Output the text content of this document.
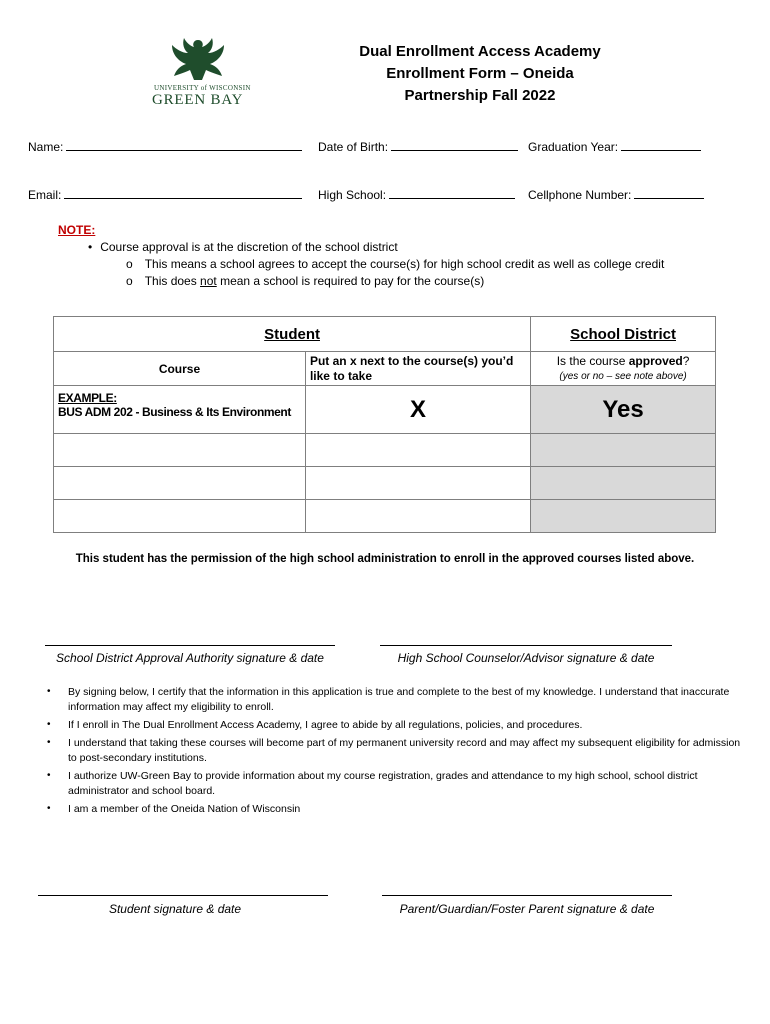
UNIVERSITY of WISCONSIN
GREEN BAY
Dual Enrollment Access Academy
Enrollment Form – Oneida
Partnership Fall 2022
Name:	Date of Birth:	Graduation Year:
Email:	High School:	Cellphone Number:
NOTE:
• Course approval is at the discretion of the school district
o This means a school agrees to accept the course(s) for high school credit as well as college credit
o This does not mean a school is required to pay for the course(s)
Student		School District
Course	Put an x next to the course(s) you’d like to take	Is the course approved?
(yes or no – see note above)

EXAMPLE:
BUS ADM 202 - Business & Its Environment	X	Yes

This student has the permission of the high school administration to enroll in the approved courses listed above.
School District Approval Authority signature & date	High School Counselor/Advisor signature & date
• By signing below, I certify that the information in this application is true and complete to the best of my knowledge. I understand that inaccurate information may affect my eligibility to enroll.
• If I enroll in The Dual Enrollment Access Academy, I agree to abide by all regulations, policies, and procedures.
• I understand that taking these courses will become part of my permanent university record and may affect my subsequent eligibility for admission to post-secondary institutions.
• I authorize UW-Green Bay to provide information about my course registration, grades and attendance to my high school, school district administrator and school board.
• I am a member of the Oneida Nation of Wisconsin
Student signature & date	Parent/Guardian/Foster Parent signature & date
